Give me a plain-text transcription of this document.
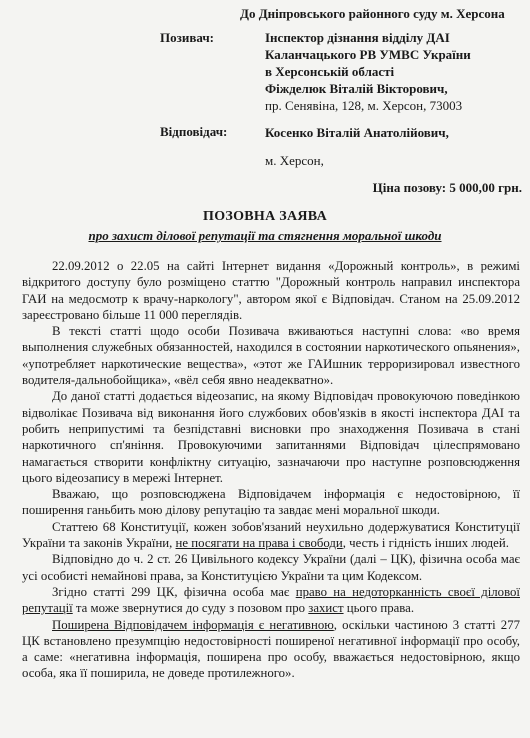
До Дніпровського районного суду м. Херсона
Позивач:	Інспектор дізнання відділу ДАІ
Каланчацького РВ УМВС України
в Херсонській області
Фіжделюк Віталій Вікторович,
пр. Сенявіна, 128, м. Херсон, 73003
Відповідач:	Косенко Віталій Анатолійович,
м. Херсон,
Ціна позову: 5 000,00 грн.
ПОЗОВНА ЗАЯВА
про захист ділової репутації та стягнення моральної шкоди

22.09.2012 о 22.05 на сайті Інтернет видання «Дорожный контроль», в режимі відкритого доступу було розміщено статтю "Дорожный контроль направил инспектора ГАИ на медосмотр к врачу-наркологу", автором якої є Відповідач. Станом на 25.09.2012 зареєстровано більше 11 000 переглядів.

В тексті статті щодо особи Позивача вживаються наступні слова: «во время выполнения служебных обязанностей, находился в состоянии наркотического опьянения», «употребляет наркотические вещества», «этот же ГАИшник терроризировал известного водителя-дальнобойщика», «вёл себя явно неадекватно».

До даної статті додається відеозапис, на якому Відповідач провокуючою поведінкою відволікає Позивача від виконання його службових обов'язків в якості інспектора ДАІ та робить неприпустимі та безпідставні висновки про знаходження Позивача в стані наркотичного сп'яніння. Провокуючими запитаннями Відповідач цілеспрямовано намагається створити конфліктну ситуацію, зазначаючи про наступне розповсюдження цього відеозапису в мережі Інтернет.

Вважаю, що розповсюджена Відповідачем інформація є недостовірною, її поширення ганьбить мою ділову репутацію та завдає мені моральної шкоди.

Статтею 68 Конституції, кожен зобов'язаний неухильно додержуватися Конституції України та законів України, не посягати на права і свободи, честь і гідність інших людей.

Відповідно до ч. 2 ст. 26 Цивільного кодексу України (далі – ЦК), фізична особа має усі особисті немайнові права, за Конституцією України та цим Кодексом.

Згідно статті 299 ЦК, фізична особа має право на недоторканність своєї ділової репутації та може звернутися до суду з позовом про захист цього права.

Поширена Відповідачем інформація є негативною, оскільки частиною 3 статті 277 ЦК встановлено презумпцію недостовірності поширеної негативної інформації про особу, а саме: «негативна інформація, поширена про особу, вважається недостовірною, якщо особа, яка її поширила, не доведе протилежного».
